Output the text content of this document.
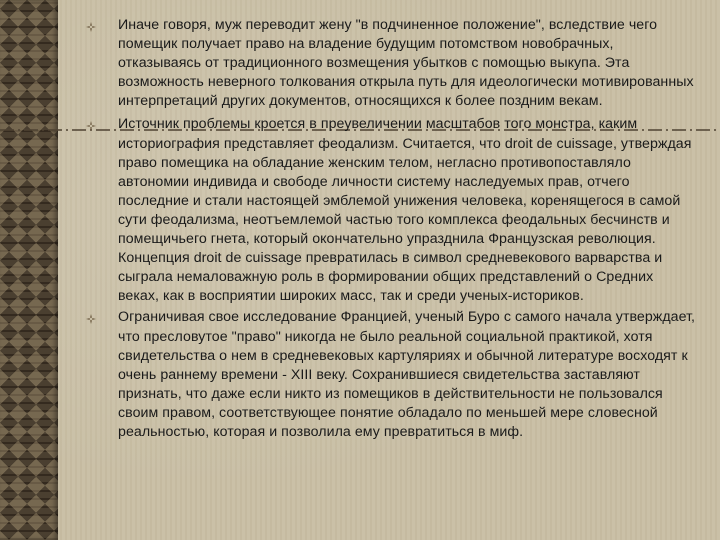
Иначе говоря, муж переводит жену "в подчиненное положение", вследствие чего помещик получает право на владение будущим потомством новобрачных, отказываясь от традиционного возмещения убытков с помощью выкупа. Эта возможность неверного толкования открыла путь для идеологически мотивированных интерпретаций других документов, относящихся к более поздним векам.
Источник проблемы кроется в преувеличении масштабов того монстра, каким историография представляет феодализм. Считается, что droit de cuissage, утверждая право помещика на обладание женским телом, негласно противопоставляло автономии индивида и свободе личности систему наследуемых прав, отчего последние и стали настоящей эмблемой унижения человека, коренящегося в самой сути феодализма, неотъемлемой частью того комплекса феодальных бесчинств и помещичьего гнета, который окончательно упразднила Французская революция. Концепция droit de cuissage превратилась в символ средневекового варварства и сыграла немаловажную роль в формировании общих представлений о Средних веках, как в восприятии широких масс, так и среди ученых-историков.
Ограничивая свое исследование Францией, ученый Буро с самого начала утверждает, что пресловутое "право" никогда не было реальной социальной практикой, хотя свидетельства о нем в средневековых картуляриях и обычной литературе восходят к очень раннему времени - XIII веку. Сохранившиеся свидетельства заставляют признать, что даже если никто из помещиков в действительности не пользовался своим правом, соответствующее понятие обладало по меньшей мере словесной реальностью, которая и позволила ему превратиться в миф.
